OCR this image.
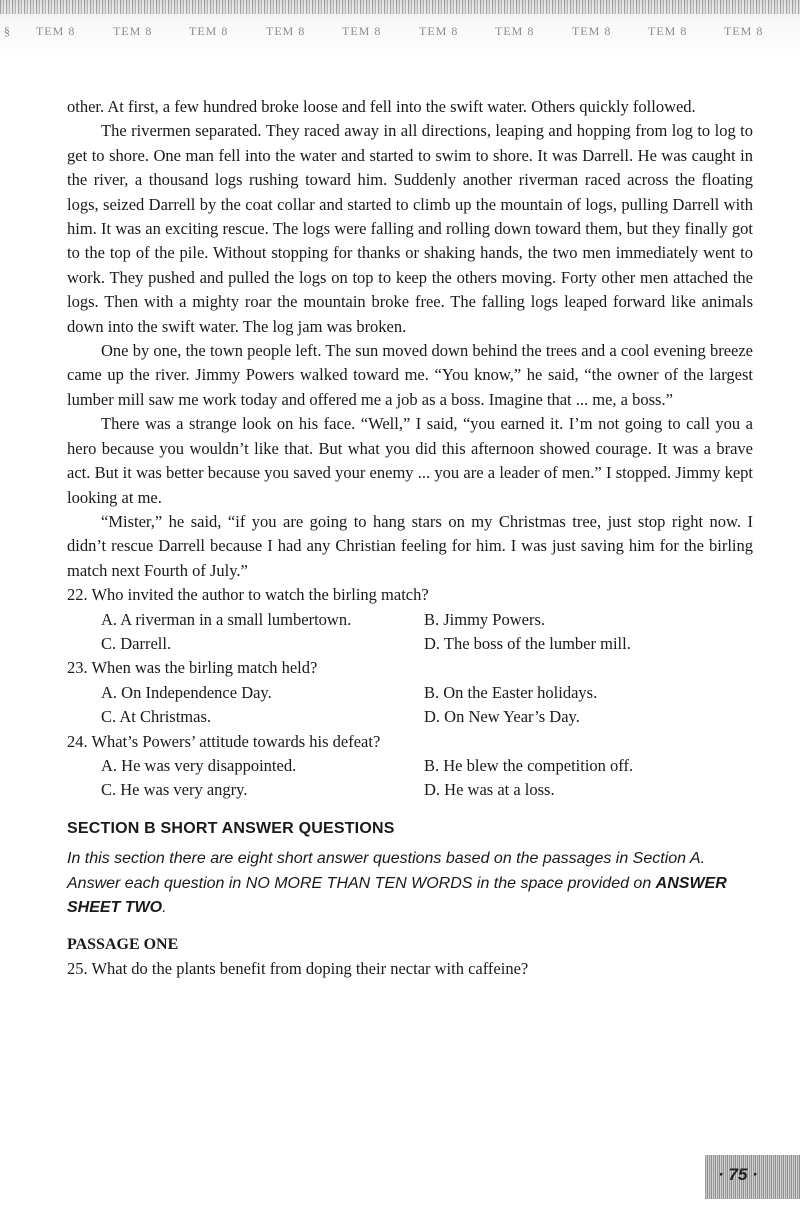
§ TEM 8	TEM 8	TEM 8	TEM 8	TEM 8	TEM 8	TEM 8	TEM 8	TEM 8	TEM 8

other. At first, a few hundred broke loose and fell into the swift water. Others quickly followed.

The rivermen separated. They raced away in all directions, leaping and hopping from log to log to get to shore. One man fell into the water and started to swim to shore. It was Darrell. He was caught in the river, a thousand logs rushing toward him. Suddenly another riverman raced across the floating logs, seized Darrell by the coat collar and started to climb up the mountain of logs, pulling Darrell with him. It was an exciting rescue. The logs were falling and rolling down toward them, but they finally got to the top of the pile. Without stopping for thanks or shaking hands, the two men immediately went to work. They pushed and pulled the logs on top to keep the others moving. Forty other men attached the logs. Then with a mighty roar the mountain broke free. The falling logs leaped forward like animals down into the swift water. The log jam was broken.

One by one, the town people left. The sun moved down behind the trees and a cool evening breeze came up the river. Jimmy Powers walked toward me. “You know,” he said, “the owner of the largest lumber mill saw me work today and offered me a job as a boss. Imagine that ... me, a boss.”

There was a strange look on his face. “Well,” I said, “you earned it. I’m not going to call you a hero because you wouldn’t like that. But what you did this afternoon showed courage. It was a brave act. But it was better because you saved your enemy ... you are a leader of men.” I stopped. Jimmy kept looking at me.

“Mister,” he said, “if you are going to hang stars on my Christmas tree, just stop right now. I didn’t rescue Darrell because I had any Christian feeling for him. I was just saving him for the birling match next Fourth of July.”

22. Who invited the author to watch the birling match?

A. A riverman in a small lumbertown.	B. Jimmy Powers.
C. Darrell.	D. The boss of the lumber mill.

23. When was the birling match held?

A. On Independence Day.	B. On the Easter holidays.
C. At Christmas.	D. On New Year’s Day.

24. What’s Powers’ attitude towards his defeat?

A. He was very disappointed.	B. He blew the competition off.
C. He was very angry.	D. He was at a loss.
SECTION B SHORT ANSWER QUESTIONS

In this section there are eight short answer questions based on the passages in Section A. Answer each question in NO MORE THAN TEN WORDS in the space provided on ANSWER SHEET TWO.

PASSAGE ONE

25. What do the plants benefit from doping their nectar with caffeine?

· 75 ·
